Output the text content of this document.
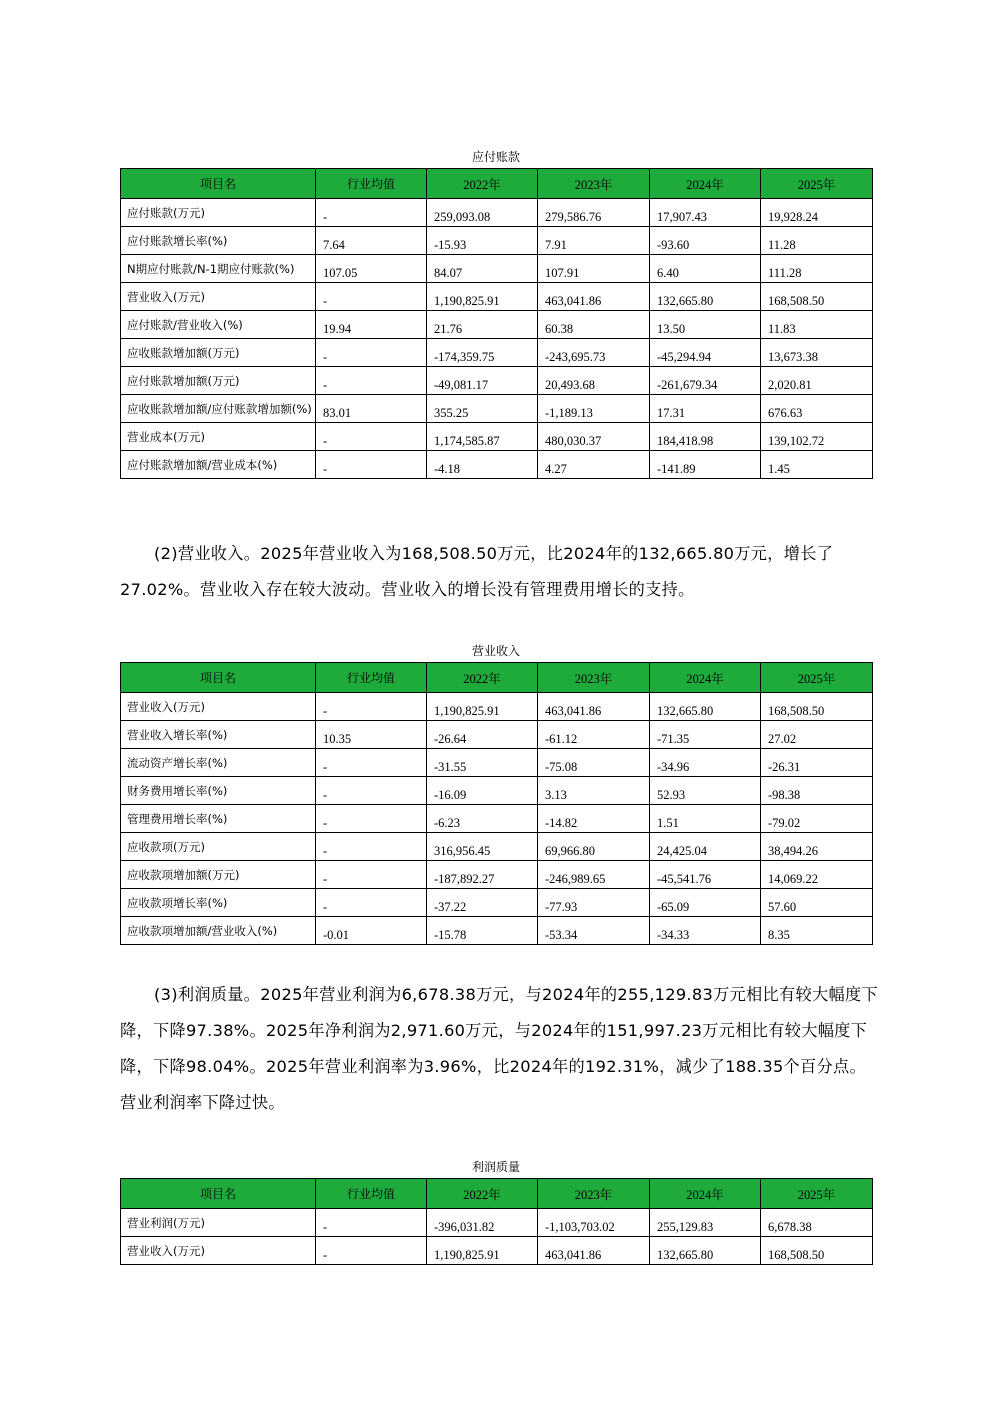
应付账款
项目名	行业均值	2022年	2023年	2024年	2025年
应付账款(万元)	-	259,093.08	279,586.76	17,907.43	19,928.24
应付账款增长率(%)	7.64	-15.93	7.91	-93.60	11.28
N期应付账款/N-1期应付账款(%)	107.05	84.07	107.91	6.40	111.28
营业收入(万元)	-	1,190,825.91	463,041.86	132,665.80	168,508.50
应付账款/营业收入(%)	19.94	21.76	60.38	13.50	11.83
应收账款增加额(万元)	-	-174,359.75	-243,695.73	-45,294.94	13,673.38
应付账款增加额(万元)	-	-49,081.17	20,493.68	-261,679.34	2,020.81
应收账款增加额/应付账款增加额(%)	83.01	355.25	-1,189.13	17.31	676.63
营业成本(万元)	-	1,174,585.87	480,030.37	184,418.98	139,102.72
应付账款增加额/营业成本(%)	-	-4.18	4.27	-141.89	1.45
(2)营业收入。2025年营业收入为168,508.50万元，比2024年的132,665.80万元，增长了27.02%。营业收入存在较大波动。营业收入的增长没有管理费用增长的支持。
营业收入
项目名	行业均值	2022年	2023年	2024年	2025年
营业收入(万元)	-	1,190,825.91	463,041.86	132,665.80	168,508.50
营业收入增长率(%)	10.35	-26.64	-61.12	-71.35	27.02
流动资产增长率(%)	-	-31.55	-75.08	-34.96	-26.31
财务费用增长率(%)	-	-16.09	3.13	52.93	-98.38
管理费用增长率(%)	-	-6.23	-14.82	1.51	-79.02
应收款项(万元)	-	316,956.45	69,966.80	24,425.04	38,494.26
应收款项增加额(万元)	-	-187,892.27	-246,989.65	-45,541.76	14,069.22
应收款项增长率(%)	-	-37.22	-77.93	-65.09	57.60
应收款项增加额/营业收入(%)	-0.01	-15.78	-53.34	-34.33	8.35
(3)利润质量。2025年营业利润为6,678.38万元，与2024年的255,129.83万元相比有较大幅度下降，下降97.38%。2025年净利润为2,971.60万元，与2024年的151,997.23万元相比有较大幅度下降，下降98.04%。2025年营业利润率为3.96%，比2024年的192.31%，减少了188.35个百分点。营业利润率下降过快。
利润质量
项目名	行业均值	2022年	2023年	2024年	2025年
营业利润(万元)	-	-396,031.82	-1,103,703.02	255,129.83	6,678.38
营业收入(万元)	-	1,190,825.91	463,041.86	132,665.80	168,508.50
